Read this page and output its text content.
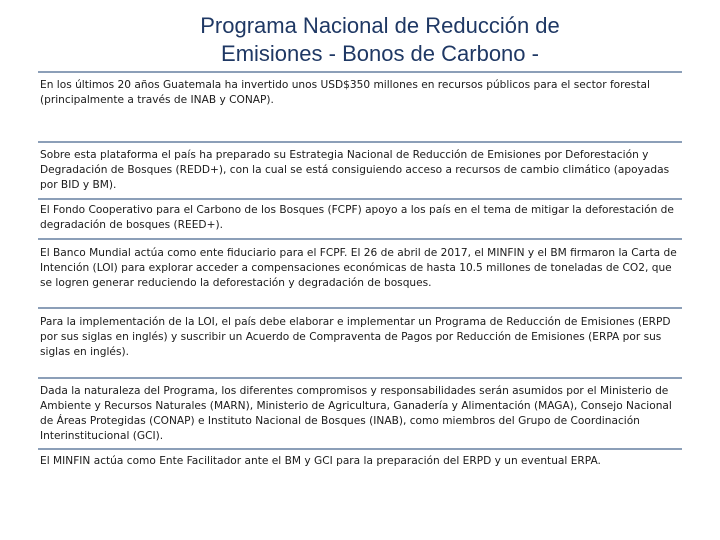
Programa Nacional de Reducción de
Emisiones - Bonos de Carbono -

En los últimos 20 años Guatemala ha invertido unos USD$350 millones en recursos públicos para el sector forestal (principalmente a través de INAB y CONAP).

Sobre esta plataforma el país ha preparado su Estrategia Nacional de Reducción de Emisiones por Deforestación y Degradación de Bosques (REDD+), con la cual se está consiguiendo acceso a recursos de cambio climático (apoyadas por BID y BM).

El Fondo Cooperativo para el Carbono de los Bosques (FCPF) apoyo a los país en el tema de mitigar la deforestación de degradación de bosques (REED+).

El Banco Mundial actúa como ente fiduciario para el FCPF. El 26 de abril de 2017, el MINFIN y el BM firmaron la Carta de Intención (LOI) para explorar acceder a compensaciones económicas de hasta 10.5 millones de toneladas de CO2, que se logren generar reduciendo la deforestación y degradación de bosques.

Para la implementación de la LOI, el país debe elaborar e implementar un Programa de Reducción de Emisiones (ERPD por sus siglas en inglés) y suscribir un Acuerdo de Compraventa de Pagos por Reducción de Emisiones (ERPA por sus siglas en inglés).

Dada la naturaleza del Programa, los diferentes compromisos y responsabilidades serán asumidos por el Ministerio de Ambiente y Recursos Naturales (MARN), Ministerio de Agricultura, Ganadería y Alimentación (MAGA), Consejo Nacional de Áreas Protegidas (CONAP) e Instituto Nacional de Bosques (INAB), como miembros del Grupo de Coordinación Interinstitucional (GCI).

El MINFIN actúa como Ente Facilitador ante el BM y GCI para la preparación del ERPD y un eventual ERPA.
